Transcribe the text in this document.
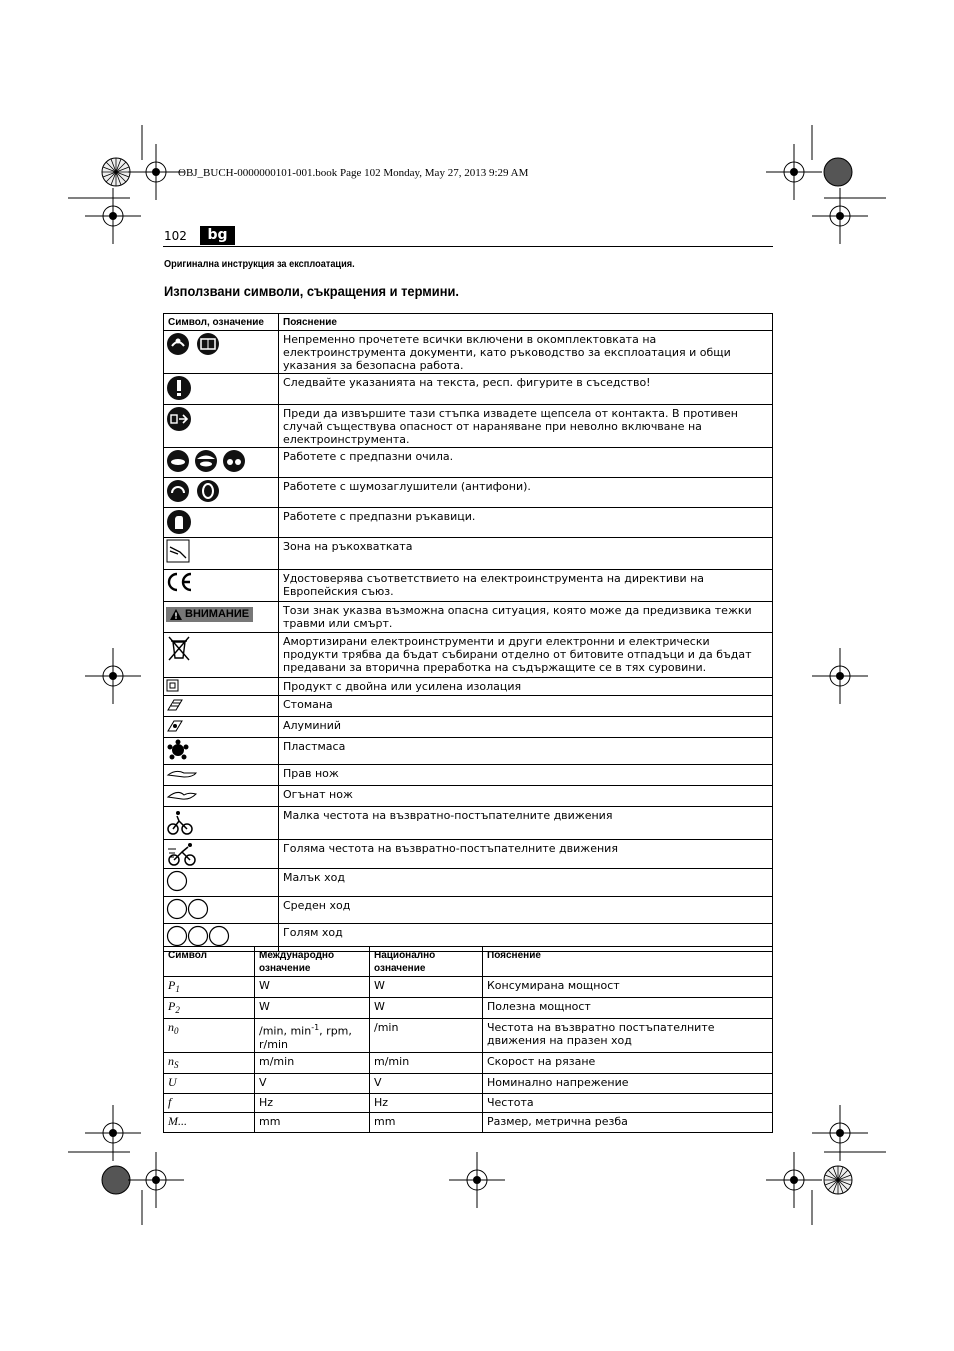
OBJ_BUCH-0000000101-001.book Page 102 Monday, May 27, 2013 9:29 AM
102	bg
Оригинална инструкция за експлоатация.
Използвани символи, съкращения и термини.
Символ, означение	Пояснение
	Непременно прочетете всички включени в окомплектовката на електроинструмента документи, като ръководство за експлоатация и общи указания за безопасна работа.
	Следвайте указанията на текста, респ. фигурите в съседство!
	Преди да извършите тази стъпка извадете щепсела от контакта. В противен случай съществува опасност от нараняване при неволно включване на електроинструмента.
	Работете с предпазни очила.
	Работете с шумозаглушители (антифони).
	Работете с предпазни ръкавици.
	Зона на ръкохватката
	Удостоверява съответствието на електроинструмента на директиви на Европейския съюз.

ВНИМАНИЕ	Този знак указва възможна опасна ситуация, която може да предизвика тежки травми или смърт.
	Амортизирани електроинструменти и други електронни и електрически продукти трябва да бъдат събирани отделно от битовите отпадъци и да бъдат предавани за вторична преработка на съдържащите се в тях суровини.
	Продукт с двойна или усилена изолация
	Стомана
	Алуминий
	Пластмаса
	Прав нож
	Огънат нож
	Малка честота на възвратно-постъпателните движения
	Голяма честота на възвратно-постъпателните движения
	Малък ход
	Среден ход
	Голям ход
Символ	Международно означение	Национално означение	Пояснение
$P_1$	W	W	Консумирана мощност
$P_2$	W	W	Полезна мощност
$n_0$	/min, $\min^{-1}$, rpm, r/min	/min	Честота на възвратно постъпателните движения на празен ход
$n_S$	m/min	m/min	Скорост на рязане
U	V	V	Номинално напрежение
f	Hz	Hz	Честота
M...	mm	mm	Размер, метрична резба
